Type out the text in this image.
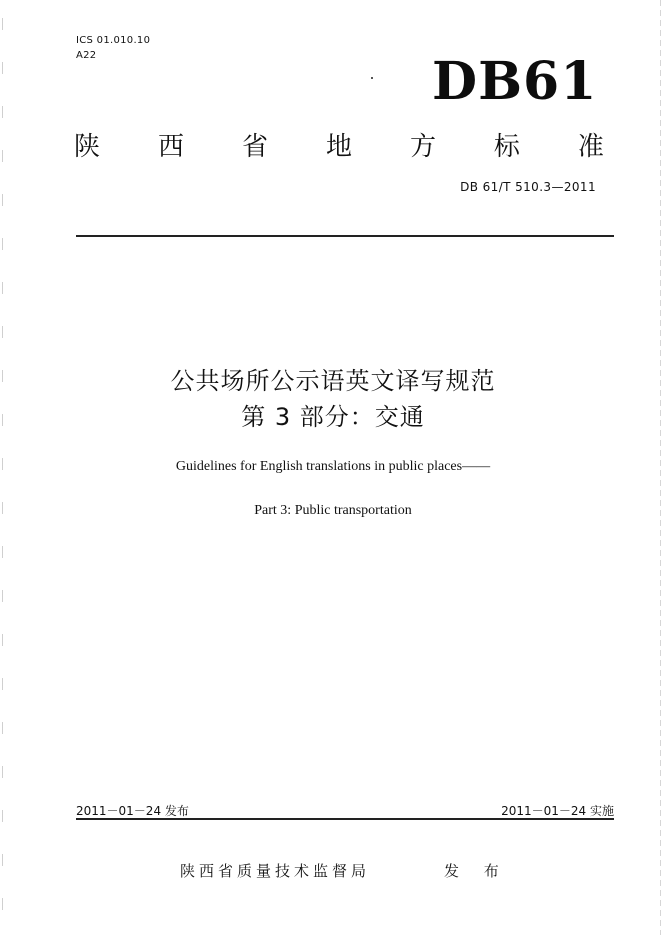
ICS 01.010.10
A22	DB61
陕 西 省 地 方 标 准
DB 61/T 510.3—2011
公共场所公示语英文译写规范
第 3 部分：交通
Guidelines for English translations in public places——
Part 3: Public transportation
2011－01－24 发布	2011－01－24 实施
陕西省质量技术监督局	发 布
